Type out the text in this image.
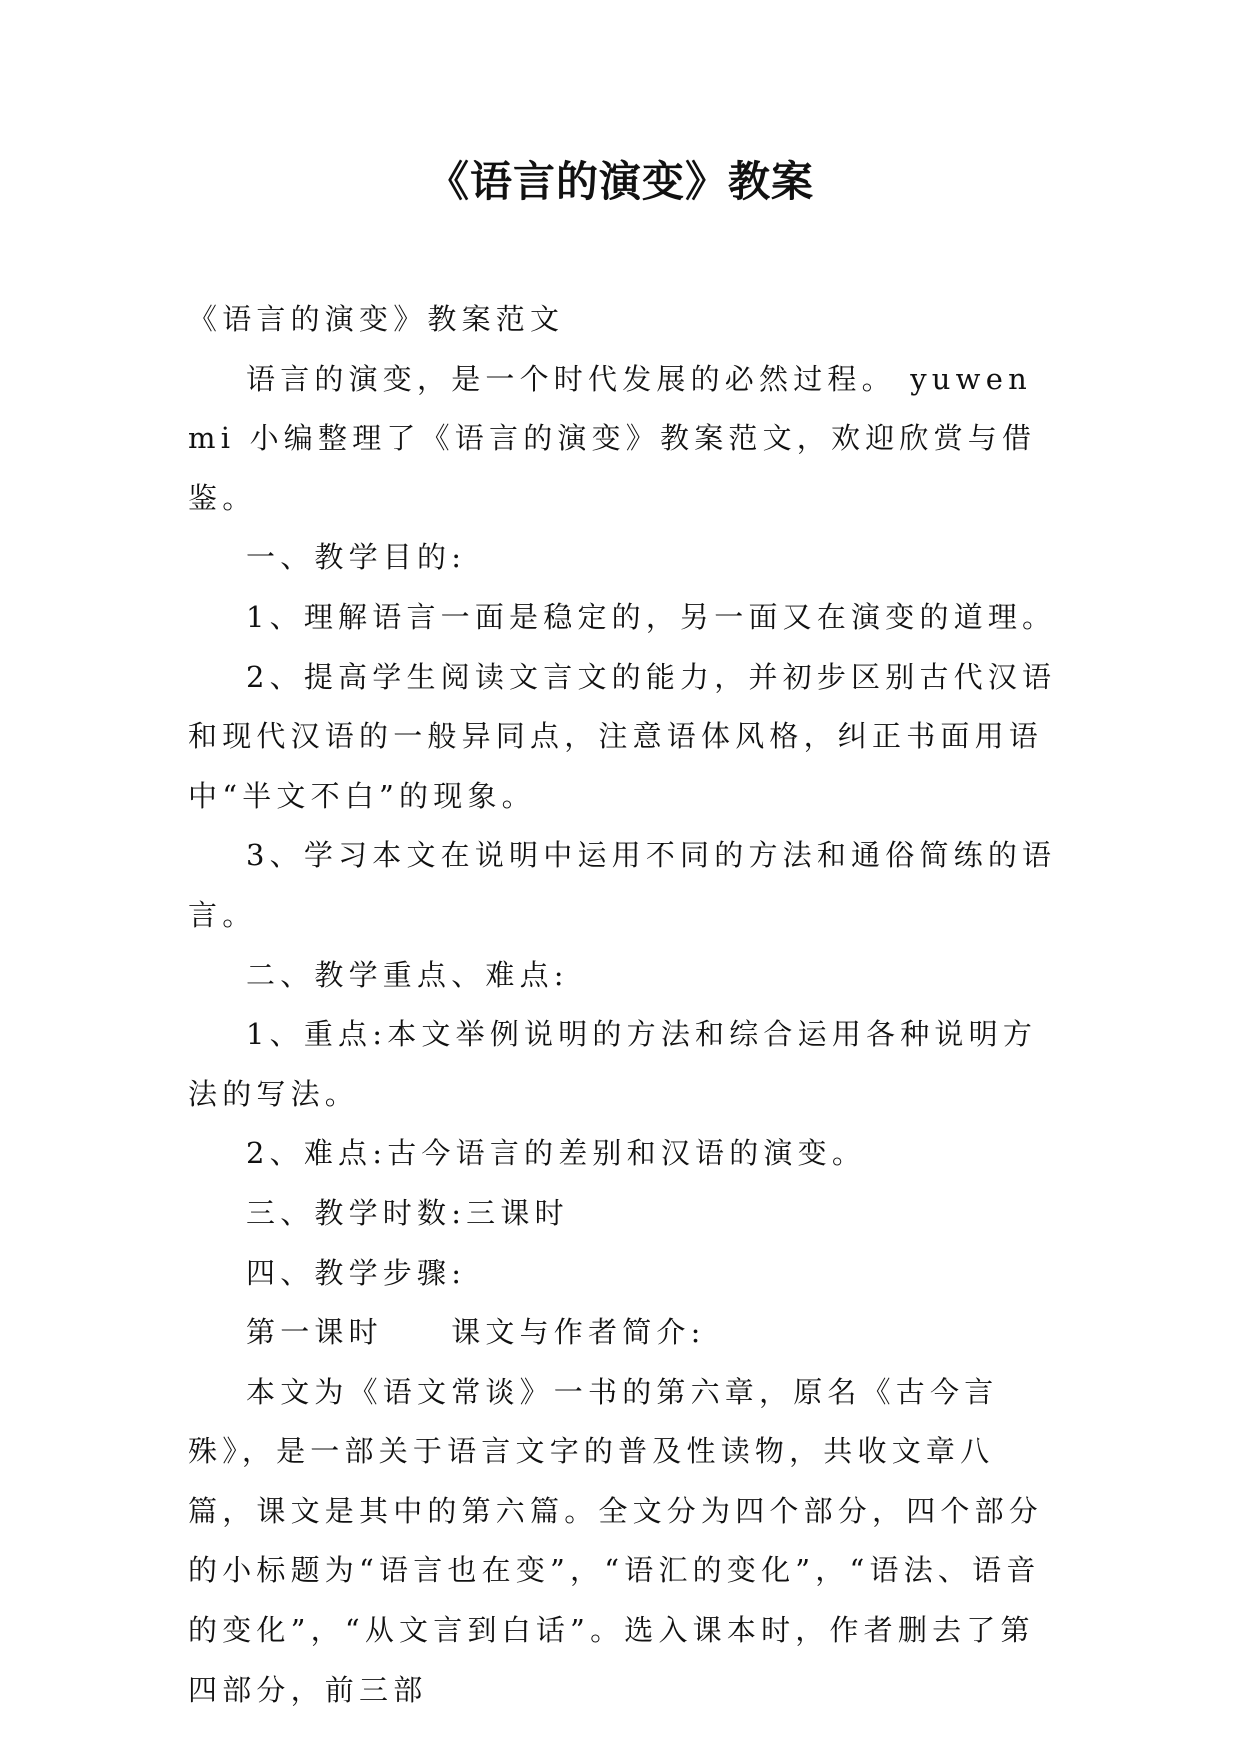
《语言的演变》教案

《语言的演变》教案范文

语言的演变，是一个时代发展的必然过程。 yuwenmi 小编整理了《语言的演变》教案范文，欢迎欣赏与借鉴。

一、教学目的:

1、理解语言一面是稳定的，另一面又在演变的道理。

2、提高学生阅读文言文的能力，并初步区别古代汉语和现代汉语的一般异同点，注意语体风格，纠正书面用语中“半文不白”的现象。

3、学习本文在说明中运用不同的方法和通俗简练的语言。

二、教学重点、难点:

1、重点:本文举例说明的方法和综合运用各种说明方法的写法。

2、难点:古今语言的差别和汉语的演变。

三、教学时数:三课时

四、教学步骤:

第一课时　　课文与作者简介:

本文为《语文常谈》一书的第六章，原名《古今言殊》，是一部关于语言文字的普及性读物，共收文章八篇，课文是其中的第六篇。全文分为四个部分，四个部分的小标题为“语言也在变”，“语汇的变化”，“语法、语音的变化”，“从文言到白话”。选入课本时，作者删去了第四部分，前三部
